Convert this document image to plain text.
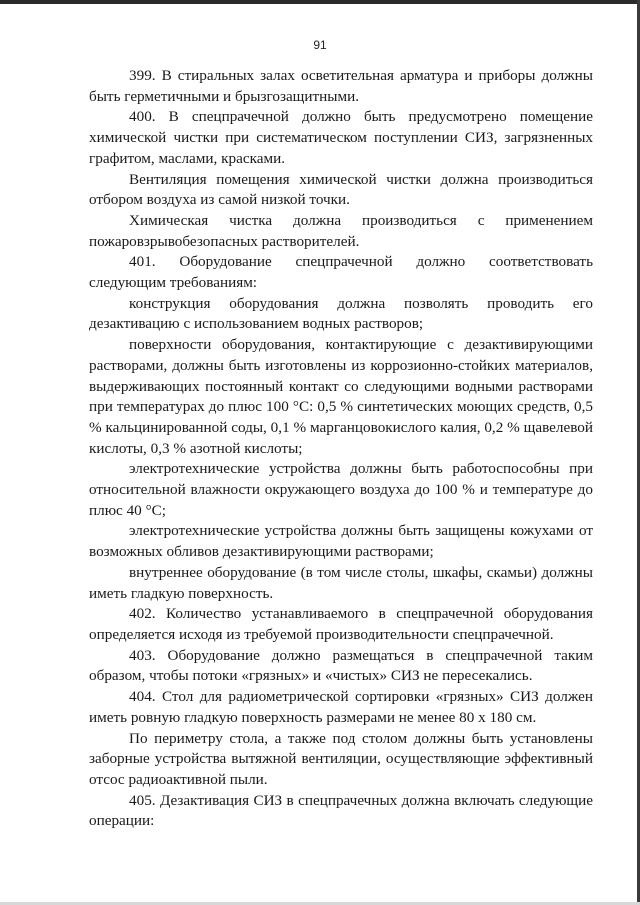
91

399. В стиральных залах осветительная арматура и приборы должны быть герметичными и брызгозащитными.

400. В спецпрачечной должно быть предусмотрено помещение химической чистки при систематическом поступлении СИЗ, загрязненных графитом, маслами, красками.

Вентиляция помещения химической чистки должна производиться отбором воздуха из самой низкой точки.

Химическая чистка должна производиться с применением пожаровзрывобезопасных растворителей.

401. Оборудование спецпрачечной должно соответствовать следующим требованиям:

конструкция оборудования должна позволять проводить его дезактивацию с использованием водных растворов;

поверхности оборудования, контактирующие с дезактивирующими растворами, должны быть изготовлены из коррозионно-стойких материалов, выдерживающих постоянный контакт со следующими водными растворами при температурах до плюс 100 °С: 0,5 % синтетических моющих средств, 0,5 % кальцинированной соды, 0,1 % марганцовокислого калия, 0,2 % щавелевой кислоты, 0,3 % азотной кислоты;

электротехнические устройства должны быть работоспособны при относительной влажности окружающего воздуха до 100 % и температуре до плюс 40 °С;

электротехнические устройства должны быть защищены кожухами от возможных обливов дезактивирующими растворами;

внутреннее оборудование (в том числе столы, шкафы, скамьи) должны иметь гладкую поверхность.

402. Количество устанавливаемого в спецпрачечной оборудования определяется исходя из требуемой производительности спецпрачечной.

403. Оборудование должно размещаться в спецпрачечной таким образом, чтобы потоки «грязных» и «чистых» СИЗ не пересекались.

404. Стол для радиометрической сортировки «грязных» СИЗ должен иметь ровную гладкую поверхность размерами не менее 80 х 180 см.

По периметру стола, а также под столом должны быть установлены заборные устройства вытяжной вентиляции, осуществляющие эффективный отсос радиоактивной пыли.

405. Дезактивация СИЗ в спецпрачечных должна включать следующие операции:
